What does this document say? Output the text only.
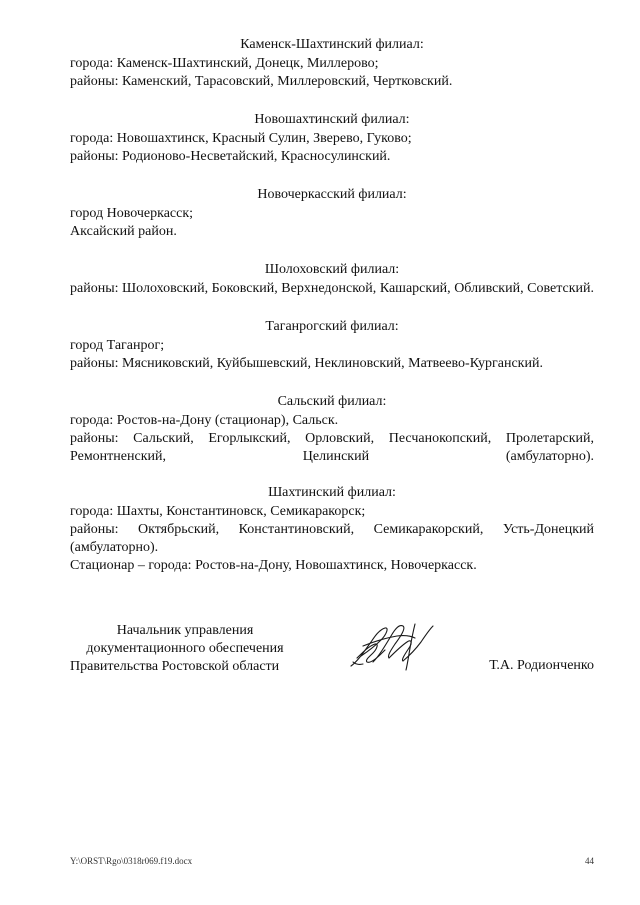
Каменск-Шахтинский филиал:
города: Каменск-Шахтинский, Донецк, Миллерово;
районы: Каменский, Тарасовский, Миллеровский, Чертковский.
Новошахтинский филиал:
города: Новошахтинск, Красный Сулин, Зверево, Гуково;
районы: Родионово-Несветайский, Красносулинский.
Новочеркасский филиал:
город Новочеркасск;
Аксайский район.
Шолоховский филиал:
районы: Шолоховский, Боковский, Верхнедонской, Кашарский, Обливский, Советский.
Таганрогский филиал:
город Таганрог;
районы: Мясниковский, Куйбышевский, Неклиновский, Матвеево-Курганский.
Сальский филиал:
города: Ростов-на-Дону (стационар), Сальск.
районы: Сальский, Егорлыкский, Орловский, Песчанокопский, Пролетарский, Ремонтненский, Целинский (амбулаторно).
Шахтинский филиал:
города: Шахты, Константиновск, Семикаракорск;
районы: Октябрьский, Константиновский, Семикаракорский, Усть-Донецкий (амбулаторно).
Стационар – города: Ростов-на-Дону, Новошахтинск, Новочеркасск.
Начальник управления
документационного обеспечения
Правительства Ростовской области	Т.А. Родионченко
Y:\ORST\Rgo\0318r069.f19.docx	44
